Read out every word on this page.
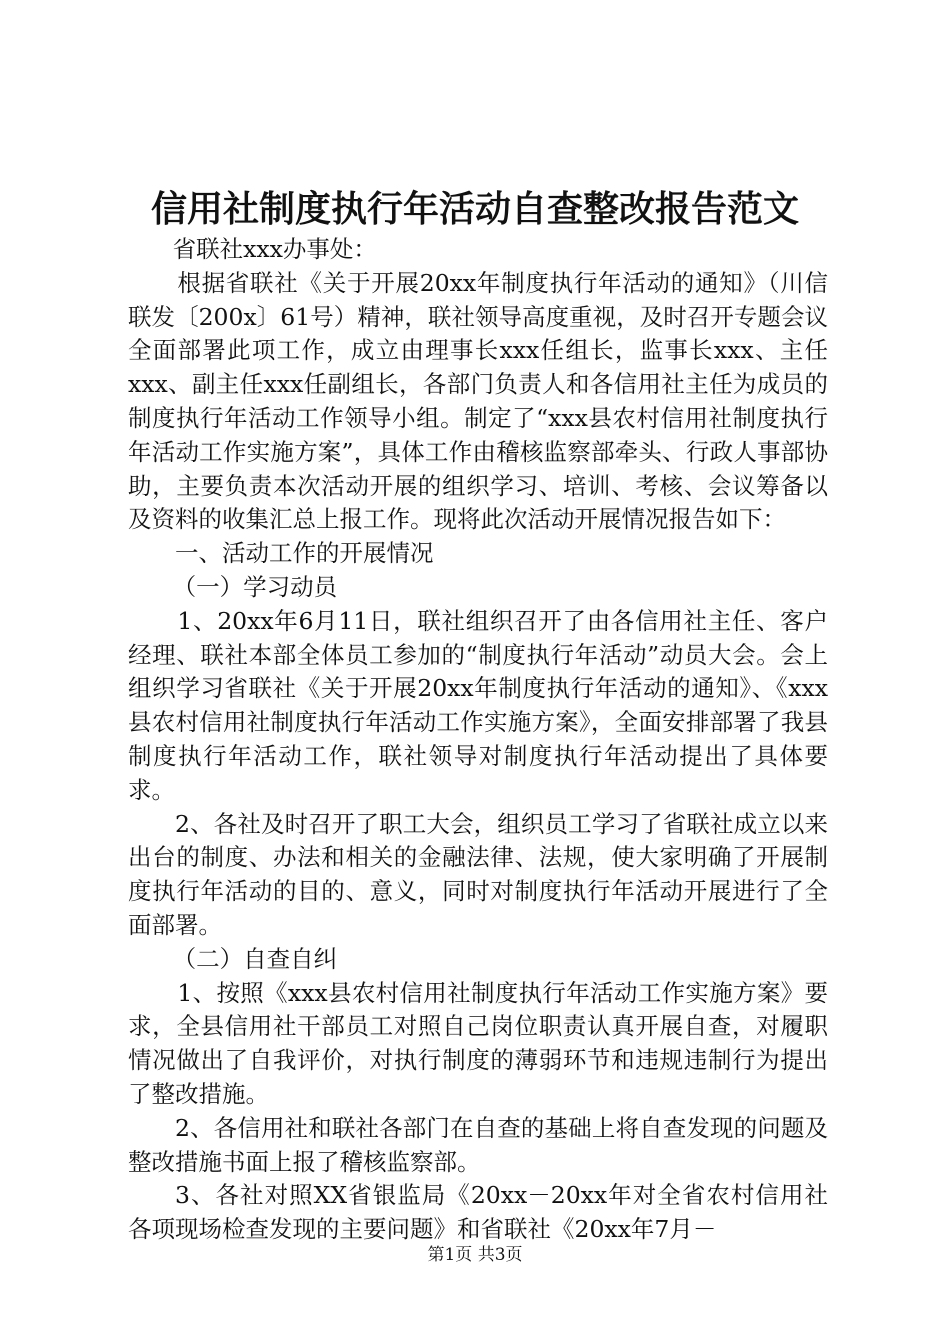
信用社制度执行年活动自查整改报告范文

省联社xxx办事处：

根据省联社《关于开展20xx年制度执行年活动的通知》（川信联发〔200x〕61号）精神，联社领导高度重视，及时召开专题会议全面部署此项工作，成立由理事长xxx任组长，监事长xxx、主任xxx、副主任xxx任副组长，各部门负责人和各信用社主任为成员的制度执行年活动工作领导小组。制定了“xxx县农村信用社制度执行年活动工作实施方案”，具体工作由稽核监察部牵头、行政人事部协助，主要负责本次活动开展的组织学习、培训、考核、会议筹备以及资料的收集汇总上报工作。现将此次活动开展情况报告如下：

一、活动工作的开展情况

（一）学习动员

1、20xx年6月11日，联社组织召开了由各信用社主任、客户经理、联社本部全体员工参加的“制度执行年活动”动员大会。会上组织学习省联社《关于开展20xx年制度执行年活动的通知》、《xxx县农村信用社制度执行年活动工作实施方案》，全面安排部署了我县制度执行年活动工作，联社领导对制度执行年活动提出了具体要求。

2、各社及时召开了职工大会，组织员工学习了省联社成立以来出台的制度、办法和相关的金融法律、法规，使大家明确了开展制度执行年活动的目的、意义，同时对制度执行年活动开展进行了全面部署。

（二）自查自纠

1、按照《xxx县农村信用社制度执行年活动工作实施方案》要求，全县信用社干部员工对照自己岗位职责认真开展自查，对履职情况做出了自我评价，对执行制度的薄弱环节和违规违制行为提出了整改措施。

2、各信用社和联社各部门在自查的基础上将自查发现的问题及整改措施书面上报了稽核监察部。

3、各社对照XX省银监局《20xx－20xx年对全省农村信用社各项现场检查发现的主要问题》和省联社《20xx年7月－

第1页 共3页
